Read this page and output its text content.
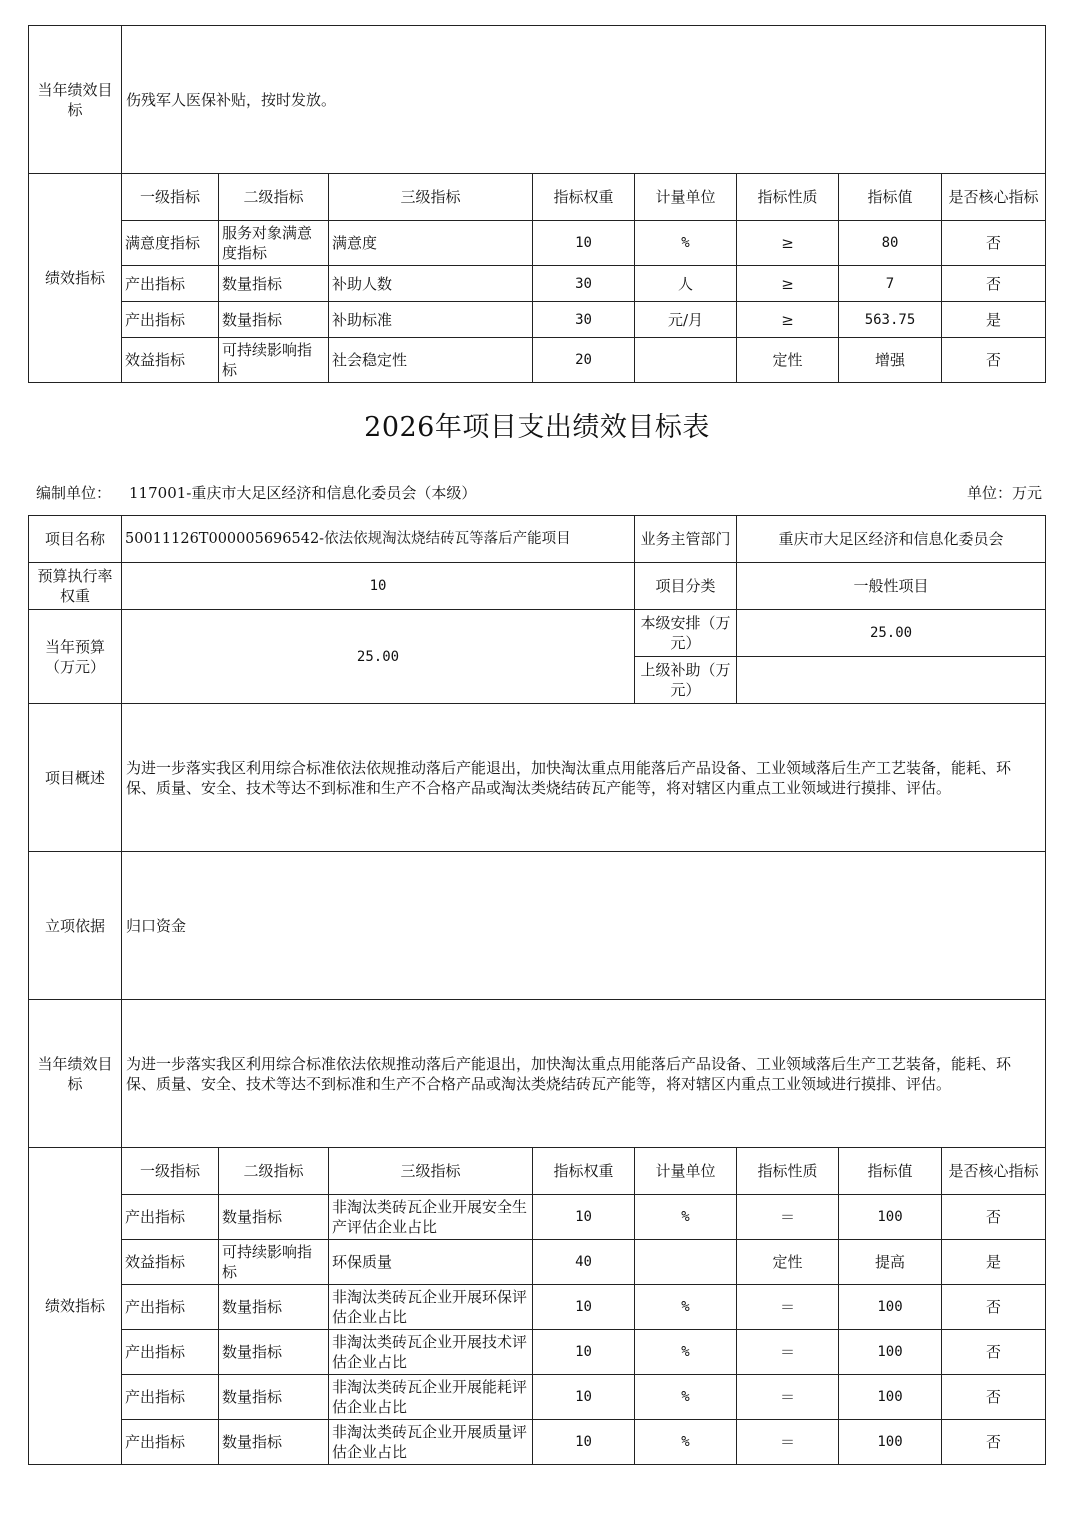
当年绩效目标	伤残军人医保补贴，按时发放。							
绩效指标	一级指标	二级指标	三级指标	指标权重	计量单位	指标性质	指标值	是否核心指标
	满意度指标	服务对象满意度指标	满意度	10	%	≥	80	否
	产出指标	数量指标	补助人数	30	人	≥	7	否
	产出指标	数量指标	补助标准	30	元/月	≥	563.75	是
	效益指标	可持续影响指标	社会稳定性	20		定性	增强	否
2026年项目支出绩效目标表
编制单位： 117001-重庆市大足区经济和信息化委员会（本级）	单位：万元
项目名称	50011126T000005696542-依法依规淘汰烧结砖瓦等落后产能项目				业务主管部门	重庆市大足区经济和信息化委员会		
预算执行率权重	10				项目分类	一般性项目		
当年预算（万元）	25.00				本级安排（万元）	25.00		
					上级补助（万元）			
项目概述	为进一步落实我区利用综合标准依法依规推动落后产能退出，加快淘汰重点用能落后产品设备、工业领域落后生产工艺装备，能耗、环保、质量、安全、技术等达不到标准和生产不合格产品或淘汰类烧结砖瓦产能等，将对辖区内重点工业领域进行摸排、评估。							
立项依据	归口资金							
当年绩效目标	为进一步落实我区利用综合标准依法依规推动落后产能退出，加快淘汰重点用能落后产品设备、工业领域落后生产工艺装备，能耗、环保、质量、安全、技术等达不到标准和生产不合格产品或淘汰类烧结砖瓦产能等，将对辖区内重点工业领域进行摸排、评估。							
绩效指标	一级指标	二级指标	三级指标	指标权重	计量单位	指标性质	指标值	是否核心指标
	产出指标	数量指标	非淘汰类砖瓦企业开展安全生产评估企业占比	10	%	＝	100	否
	效益指标	可持续影响指标	环保质量	40		定性	提高	是
	产出指标	数量指标	非淘汰类砖瓦企业开展环保评估企业占比	10	%	＝	100	否
	产出指标	数量指标	非淘汰类砖瓦企业开展技术评估企业占比	10	%	＝	100	否
	产出指标	数量指标	非淘汰类砖瓦企业开展能耗评估企业占比	10	%	＝	100	否
	产出指标	数量指标	非淘汰类砖瓦企业开展质量评估企业占比	10	%	＝	100	否
